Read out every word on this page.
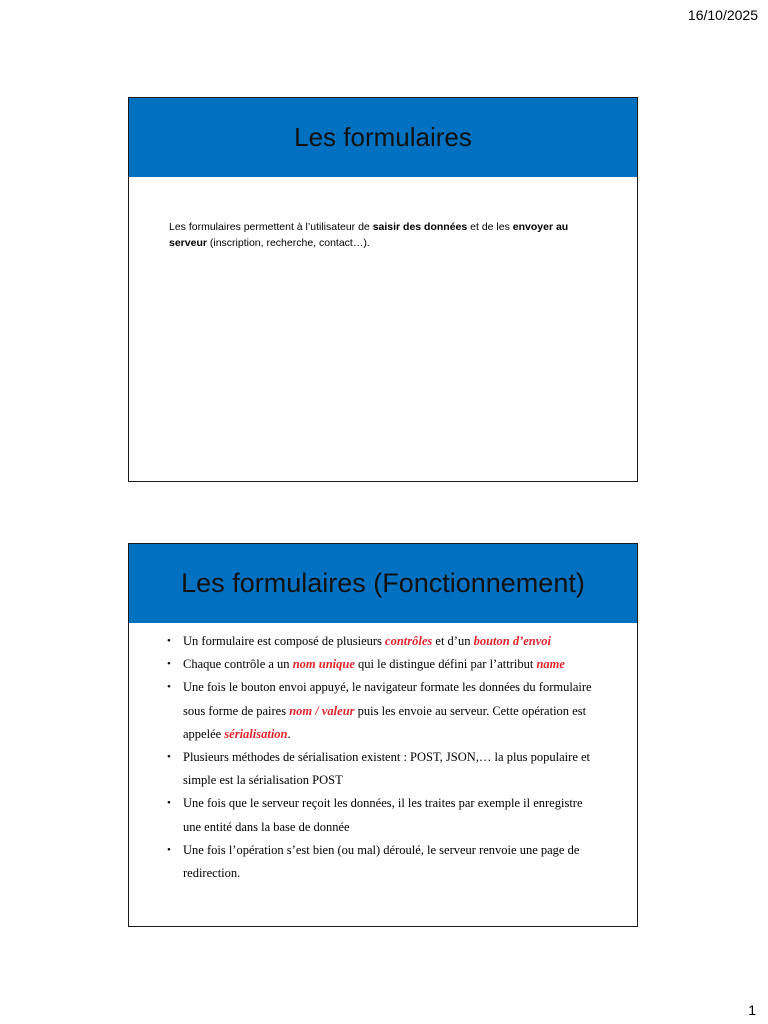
16/10/2025
Les formulaires
Les formulaires permettent à l’utilisateur de saisir des données et de les envoyer au serveur (inscription, recherche, contact…).
Les formulaires (Fonctionnement)
• Un formulaire est composé de plusieurs contrôles et d’un bouton d’envoi
• Chaque contrôle a un nom unique qui le distingue défini par l’attribut name
• Une fois le bouton envoi appuyé, le navigateur formate les données du formulaire sous forme de paires nom / valeur puis les envoie au serveur. Cette opération est appelée sérialisation.
• Plusieurs méthodes de sérialisation existent : POST, JSON,… la plus populaire et simple est la sérialisation POST
• Une fois que le serveur reçoit les données, il les traites par exemple il enregistre une entité dans la base de donnée
• Une fois l’opération s’est bien (ou mal) déroulé, le serveur renvoie une page de redirection.
1
